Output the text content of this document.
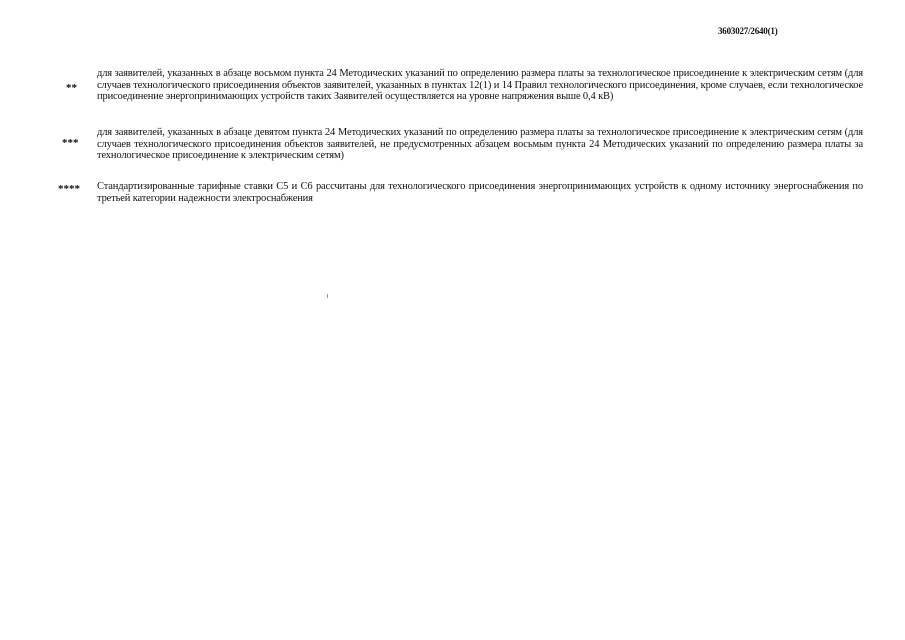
3603027/2640(1)
**
для заявителей, указанных в абзаце восьмом пункта 24 Методических указаний по определению размера платы за технологическое присоединение к электрическим сетям (для случаев технологического присоединения объектов заявителей, указанных в пунктах 12(1) и 14 Правил технологического присоединения, кроме случаев, если технологическое присоединение энергопринимающих устройств таких Заявителей осуществляется на уровне напряжения выше 0,4 кВ)
***
для заявителей, указанных в абзаце девятом пункта 24 Методических указаний по определению размера платы за технологическое присоединение к электрическим сетям (для случаев технологического присоединения объектов заявителей, не предусмотренных абзацем восьмым пункта 24 Методических указаний по определению размера платы за технологическое присоединение к электрическим сетям)
**** Стандартизированные тарифные ставки С5 и С6 рассчитаны для технологического присоединения энергопринимающих устройств к одному источнику энергоснабжения по третьей категории надежности электроснабжения
